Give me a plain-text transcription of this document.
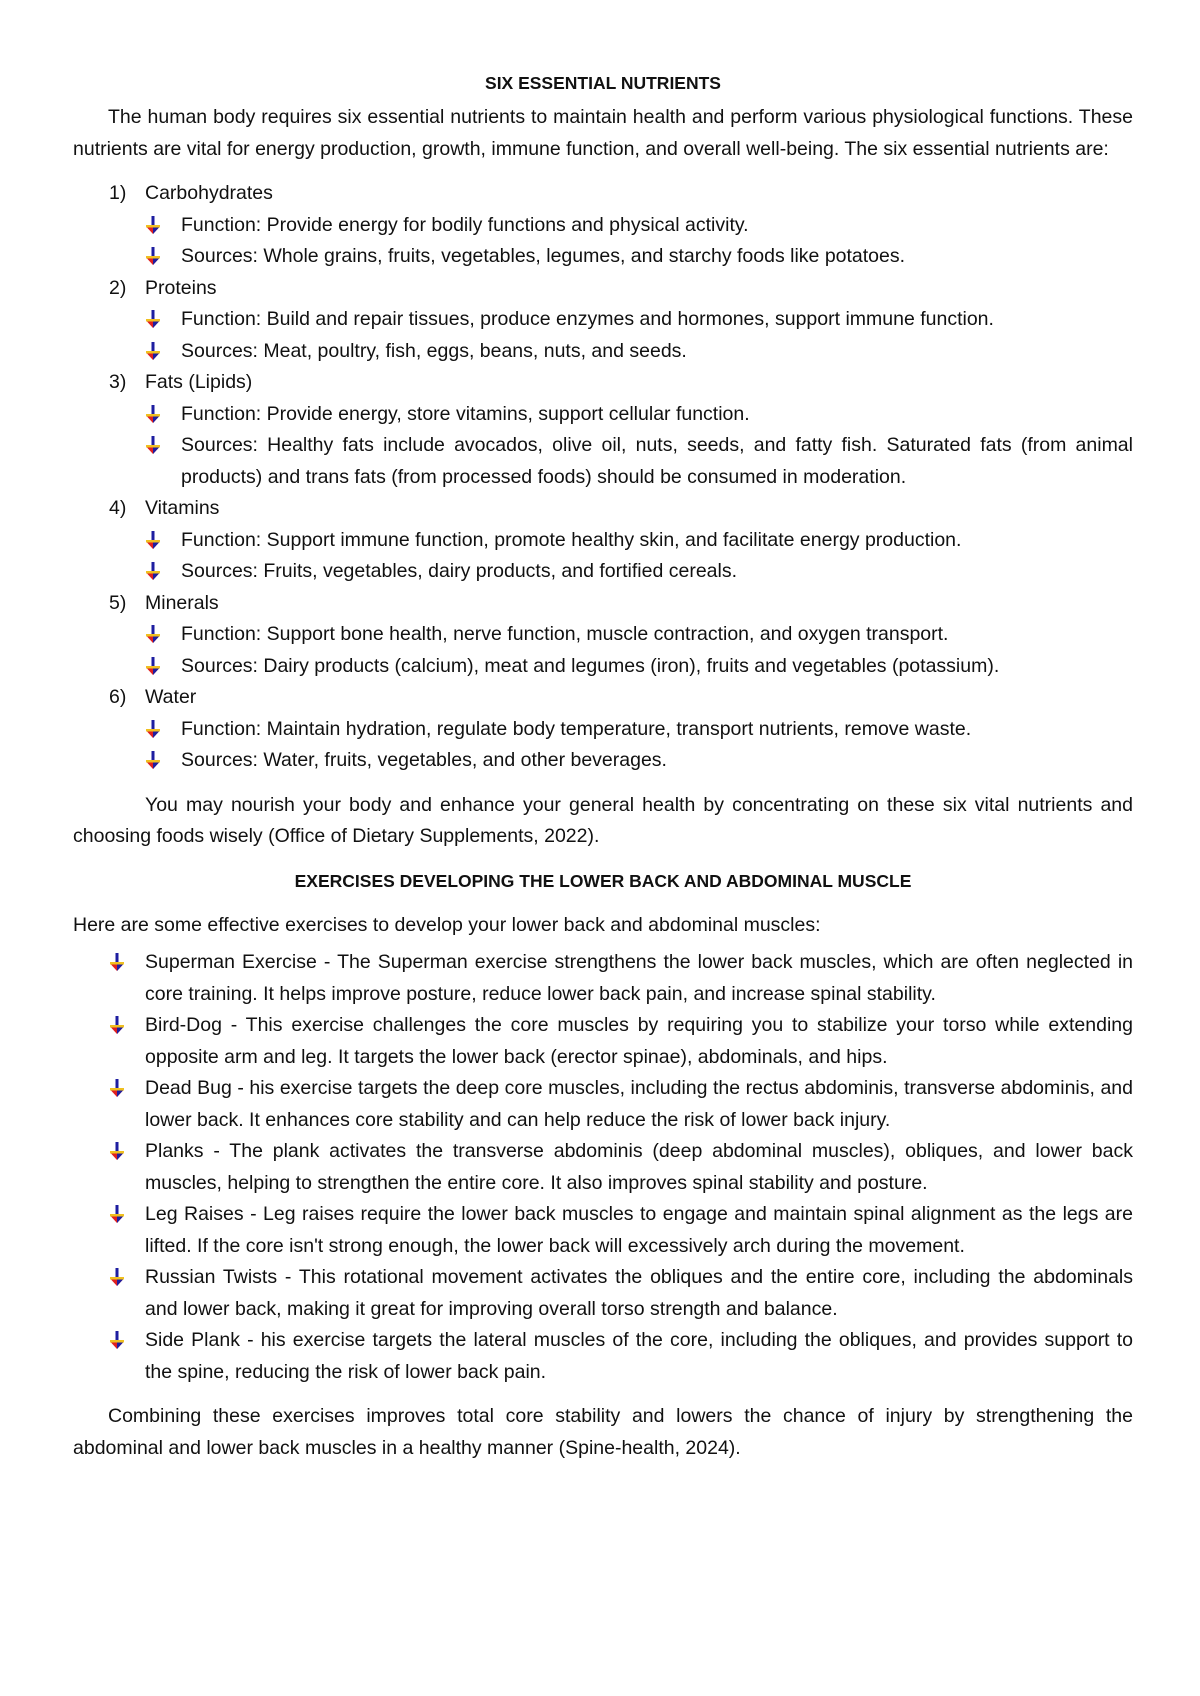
SIX ESSENTIAL NUTRIENTS

The human body requires six essential nutrients to maintain health and perform various physiological functions. These nutrients are vital for energy production, growth, immune function, and overall well-being. The six essential nutrients are:

1) Carbohydrates
Function: Provide energy for bodily functions and physical activity.
Sources: Whole grains, fruits, vegetables, legumes, and starchy foods like potatoes.
2) Proteins
Function: Build and repair tissues, produce enzymes and hormones, support immune function.
Sources: Meat, poultry, fish, eggs, beans, nuts, and seeds.
3) Fats (Lipids)
Function: Provide energy, store vitamins, support cellular function.
Sources: Healthy fats include avocados, olive oil, nuts, seeds, and fatty fish. Saturated fats (from animal products) and trans fats (from processed foods) should be consumed in moderation.
4) Vitamins
Function: Support immune function, promote healthy skin, and facilitate energy production.
Sources: Fruits, vegetables, dairy products, and fortified cereals.
5) Minerals
Function: Support bone health, nerve function, muscle contraction, and oxygen transport.
Sources: Dairy products (calcium), meat and legumes (iron), fruits and vegetables (potassium).
6) Water
Function: Maintain hydration, regulate body temperature, transport nutrients, remove waste.
Sources: Water, fruits, vegetables, and other beverages.

You may nourish your body and enhance your general health by concentrating on these six vital nutrients and choosing foods wisely (Office of Dietary Supplements, 2022).

EXERCISES DEVELOPING THE LOWER BACK AND ABDOMINAL MUSCLE

Here are some effective exercises to develop your lower back and abdominal muscles:

Superman Exercise - The Superman exercise strengthens the lower back muscles, which are often neglected in core training. It helps improve posture, reduce lower back pain, and increase spinal stability.
Bird-Dog - This exercise challenges the core muscles by requiring you to stabilize your torso while extending opposite arm and leg. It targets the lower back (erector spinae), abdominals, and hips.
Dead Bug - his exercise targets the deep core muscles, including the rectus abdominis, transverse abdominis, and lower back. It enhances core stability and can help reduce the risk of lower back injury.
Planks - The plank activates the transverse abdominis (deep abdominal muscles), obliques, and lower back muscles, helping to strengthen the entire core. It also improves spinal stability and posture.
Leg Raises - Leg raises require the lower back muscles to engage and maintain spinal alignment as the legs are lifted. If the core isn't strong enough, the lower back will excessively arch during the movement.
Russian Twists - This rotational movement activates the obliques and the entire core, including the abdominals and lower back, making it great for improving overall torso strength and balance.
Side Plank - his exercise targets the lateral muscles of the core, including the obliques, and provides support to the spine, reducing the risk of lower back pain.

Combining these exercises improves total core stability and lowers the chance of injury by strengthening the abdominal and lower back muscles in a healthy manner (Spine-health, 2024).
